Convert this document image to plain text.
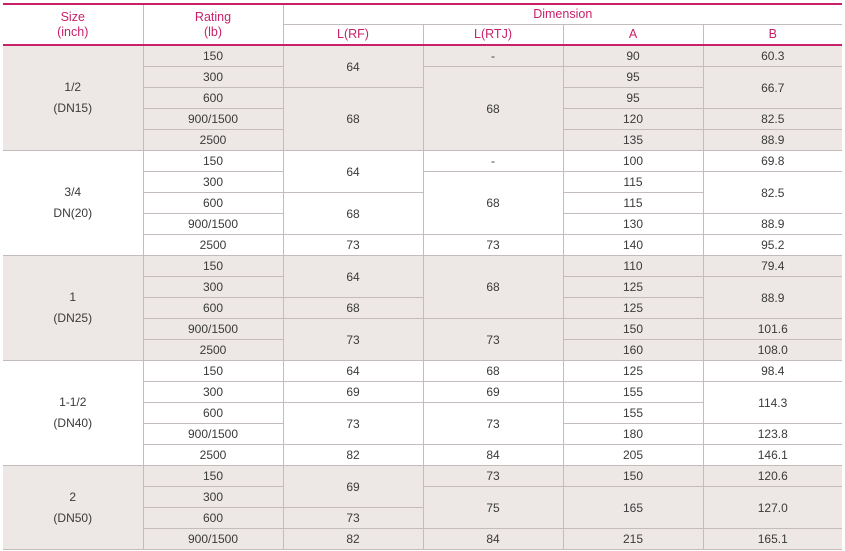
Size
(inch)	Rating
(lb)	Dimension			
		L(RF)	L(RTJ)	A	B
1/2
(DN15)	150	64	-	90	60.3
	300		68	95	66.7
	600	68		95	
	900/1500			120	82.5
	2500			135	88.9
3/4
DN(20)	150	64	-	100	69.8
	300		68	115	82.5
	600	68		115	
	900/1500			130	88.9
	2500	73	73	140	95.2
1
(DN25)	150	64	68	110	79.4
	300			125	88.9
	600	68		125	
	900/1500	73	73	150	101.6
	2500			160	108.0
1-1/2
(DN40)	150	64	68	125	98.4
	300	69	69	155	114.3
	600	73	73	155	
	900/1500			180	123.8
	2500	82	84	205	146.1
2
(DN50)	150	69	73	150	120.6
	300		75	165	127.0
	600	73			
	900/1500	82	84	215	165.1
